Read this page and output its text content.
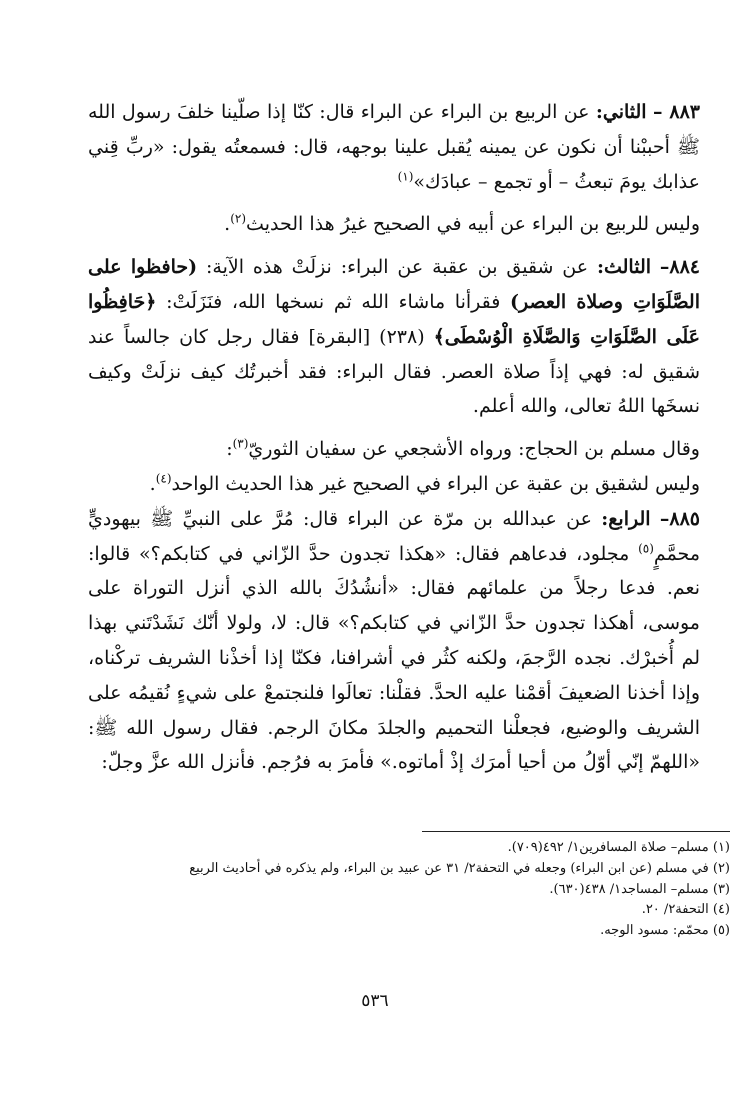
٨٨٣ – الثاني: عن الربيع بن البراء عن البراء قال: كنّا إذا صلّينا خلفَ رسول الله ﷺ أحببْنا أن نكون عن يمينه يُقبل علينا بوجهه، قال: فسمعتُه يقول: «ربِّ قِني عذابك يومَ تبعثُ – أو تجمع – عبادَك»$^{(١)}$

وليس للربيع بن البراء عن أبيه في الصحيح غيرُ هذا الحديث$^{(٢)}$.

٨٨٤– الثالث: عن شقيق بن عقبة عن البراء: نزلَتْ هذه الآية: (حافظوا على الصَّلَوَاتِ وصلاة العصر) فقرأنا ماشاء الله ثم نسخها الله، فنَزَلَتْ: ﴿حَافِظُوا عَلَى الصَّلَوَاتِ وَالصَّلَاةِ الْوُسْطَى﴾ (٢٣٨) [البقرة] فقال رجل كان جالساً عند شقيق له: فهي إذاً صلاة العصر. فقال البراء: فقد أخبرتُك كيف نزلَتْ وكيف نسخَها اللهُ تعالى، والله أعلم.

وقال مسلم بن الحجاج: ورواه الأشجعي عن سفيان الثوريّ$^{(٣)}$:

وليس لشقيق بن عقبة عن البراء في الصحيح غير هذا الحديث الواحد$^{(٤)}$.

٨٨٥– الرابع: عن عبدالله بن مرّة عن البراء قال: مُرَّ على النبيِّ ﷺ بيهوديٍّ محمَّمٍ$^{(٥)}$ مجلود، فدعاهم فقال: «هكذا تجدون حدَّ الزّاني في كتابكم؟» قالوا: نعم. فدعا رجلاً من علمائهم فقال: «أنشُدُكَ بالله الذي أنزل التوراة على موسى، أهكذا تجدون حدَّ الزّاني في كتابكم؟» قال: لا، ولولا أنّك نَشَدْتَني بهذا لم أُخبرْك. نجده الرَّجمَ، ولكنه كثُر في أشرافنا، فكنّا إذا أخذْنا الشريف تركْناه، وإذا أخذنا الضعيفَ أقمْنا عليه الحدَّ. فقلْنا: تعالَوا فلنجتمعْ على شيءٍ نُقيمُه على الشريف والوضيع، فجعلْنا التحميم والجلدَ مكانَ الرجم. فقال رسول الله ﷺ: «اللهمّ إنّي أوّلُ من أحيا أمرَك إذْ أماتوه.» فأمرَ به فرُجم. فأنزل الله عزَّ وجلّ:

(١) مسلم– صلاة المسافرين١/ ٤٩٢(٧٠٩).

(٢) في مسلم (عن ابن البراء) وجعله في التحفة٢/ ٣١ عن عبيد بن البراء، ولم يذكره في أحاديث الربيع

(٣) مسلم– المساجد١/ ٤٣٨(٦٣٠).

(٤) التحفة٢/ ٢٠.

(٥) محمّم: مسود الوجه.

٥٣٦
